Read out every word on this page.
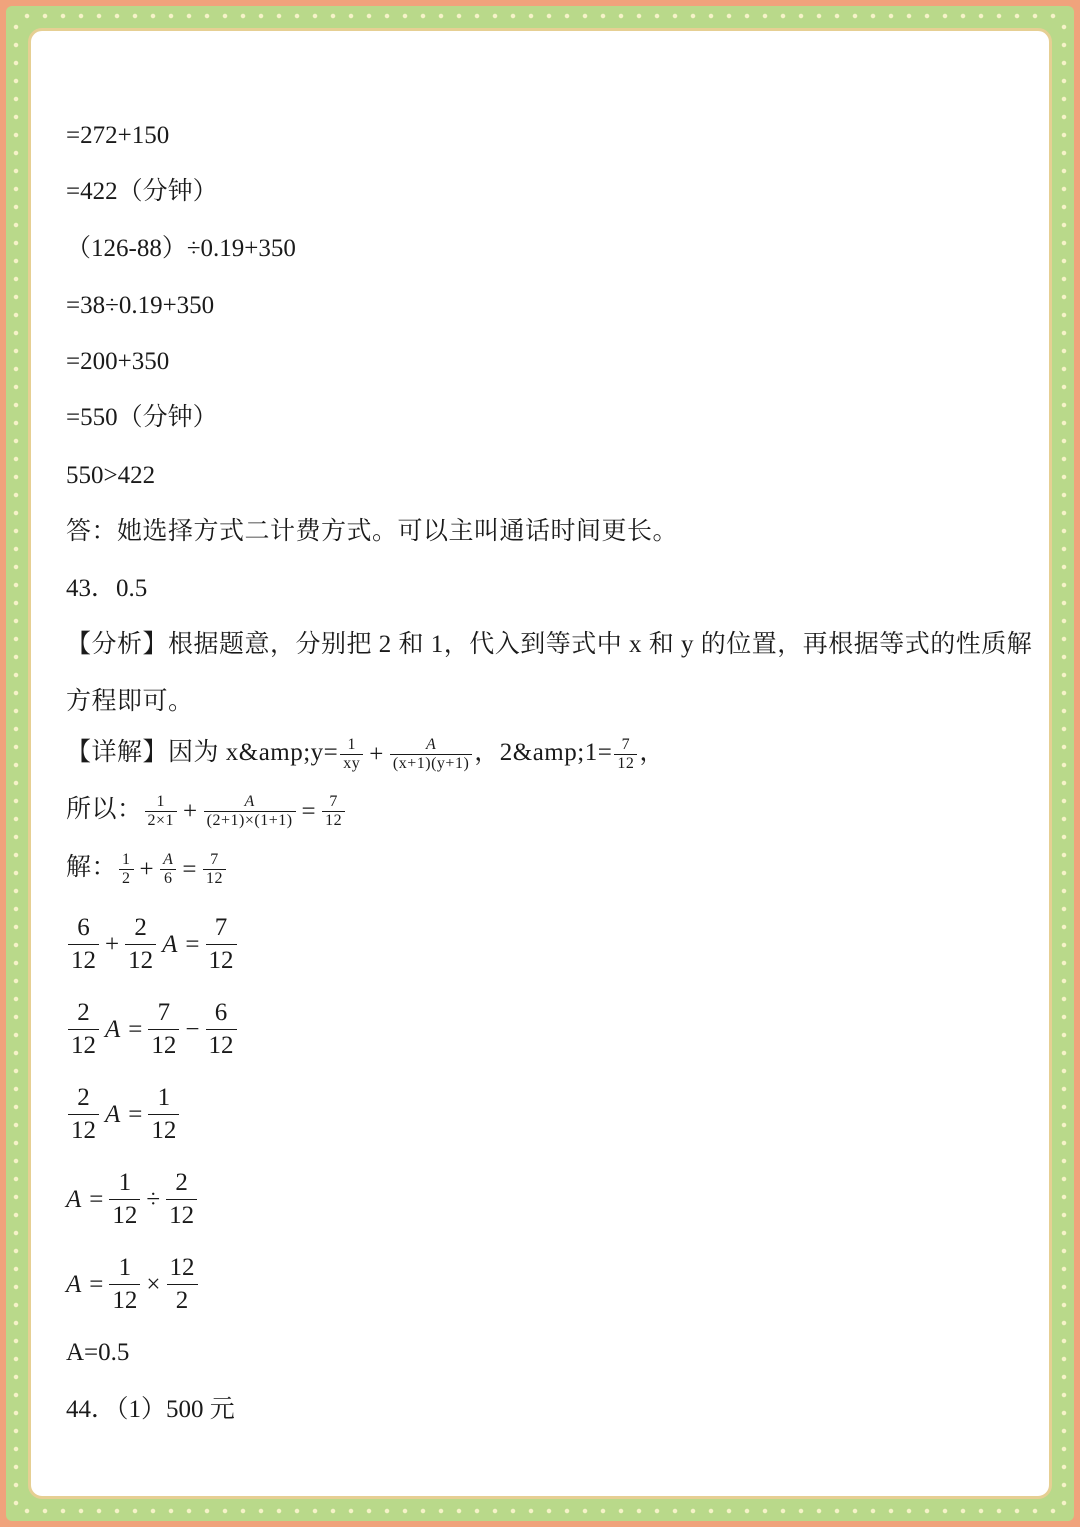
=272+150
=422（分钟）
（126-88）÷0.19+350
=38÷0.19+350
=200+350
=550（分钟）
550>422
答：她选择方式二计费方式。可以主叫通话时间更长。
43．0.5
【分析】根据题意，分别把 2 和 1，代入到等式中 x 和 y 的位置，再根据等式的性质解
方程即可。
【详解】因为 x&amp;y= $\frac{1}{xy} + \frac{A}{(x+1)(y+1)}$ ，2&amp;1= $\frac{7}{12}$ ，
所以： $\frac{1}{2\times 1} + \frac{A}{(2+1)\times(1+1)} = \frac{7}{12}$
解： $\frac{1}{2} + \frac{A}{6} = \frac{7}{12}$
$\frac{6}{12} + \frac{2}{12}$ $A = \frac{7}{12}$
$\frac{2}{12}$ $A = \frac{7}{12} - \frac{6}{12}$
$\frac{2}{12}$ $A = \frac{1}{12}$
$A = \frac{1}{12} \div \frac{2}{12}$
$A = \frac{1}{12} \times \frac{12}{2}$
A=0.5
44．（1）500 元
